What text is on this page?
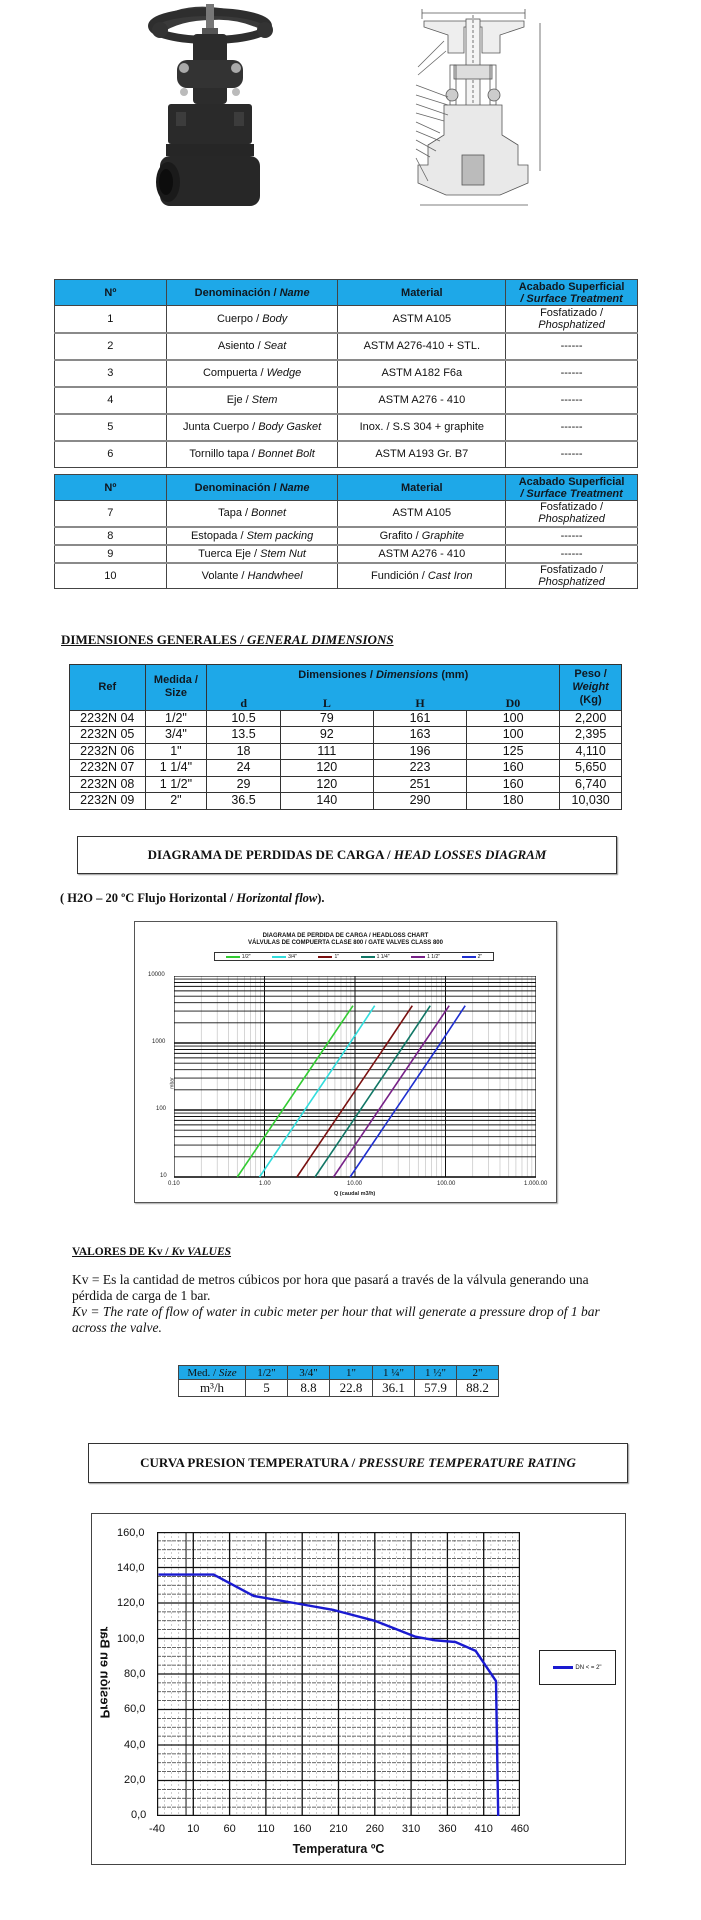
Nº	Denominación / Name	Material	Acabado Superficial
/ Surface Treatment
1	Cuerpo / Body	ASTM A105	Fosfatizado /
Phosphatized
2	Asiento / Seat	ASTM A276-410 + STL.	------
3	Compuerta / Wedge	ASTM A182 F6a	------
4	Eje / Stem	ASTM A276 - 410	------
5	Junta Cuerpo / Body Gasket	Inox. / S.S 304 + graphite	------
6	Tornillo tapa / Bonnet Bolt	ASTM A193 Gr. B7	------
Nº	Denominación / Name	Material	Acabado Superficial
/ Surface Treatment
7	Tapa / Bonnet	ASTM A105	Fosfatizado /
Phosphatized
8	Estopada / Stem packing	Grafito / Graphite	------
9	Tuerca Eje / Stem Nut	ASTM A276 - 410	------
10	Volante / Handwheel	Fundición / Cast Iron	Fosfatizado /
Phosphatized
DIMENSIONES GENERALES / GENERAL DIMENSIONS
Ref	Medida /
Size	Dimensiones / Dimensions (mm)				Peso /
Weight
(Kg)
		d	L	H	D0	
2232N 04	1/2"	10.5	79	161	100	2,200
2232N 05	3/4"	13.5	92	163	100	2,395
2232N 06	1"	18	111	196	125	4,110
2232N 07	1 1/4"	24	120	223	160	5,650
2232N 08	1 1/2"	29	120	251	160	6,740
2232N 09	2"	36.5	140	290	180	10,030
DIAGRAMA DE PERDIDAS DE CARGA / HEAD LOSSES DIAGRAM
( H2O – 20 ºC Flujo Horizontal / Horizontal flow).
DIAGRAMA DE PERDIDA DE CARGA / HEADLOSS CHART
VÁLVULAS DE COMPUERTA CLASE 800 / GATE VALVES CLASS 800
1/2"	3/4"	1"	1 1/4"	1 1/2"	2"
10000
1000
100
10
mbar
0.10	1.00	10.00	100.00	1.000.00
Q (caudal m3/h)
VALORES DE Kv / Kv VALUES
Kv = Es la cantidad de metros cúbicos por hora que pasará a través de la válvula generando una pérdida de carga de 1 bar.
Kv = The rate of flow of water in cubic meter per hour that will generate a pressure drop of 1 bar across the valve.
Med. / Size	1/2"	3/4"	1"	1 ¼"	1 ½"	2"
m³/h	5	8.8	22.8	36.1	57.9	88.2
CURVA PRESION TEMPERATURA / PRESSURE TEMPERATURE RATING
160,0
140,0
120,0
100,0
80,0
60,0
40,0
20,0
0,0
Presión en Bar
-40	10	60	110	160	210	260	310	360	410	460
Temperatura ºC
DN < = 2"
